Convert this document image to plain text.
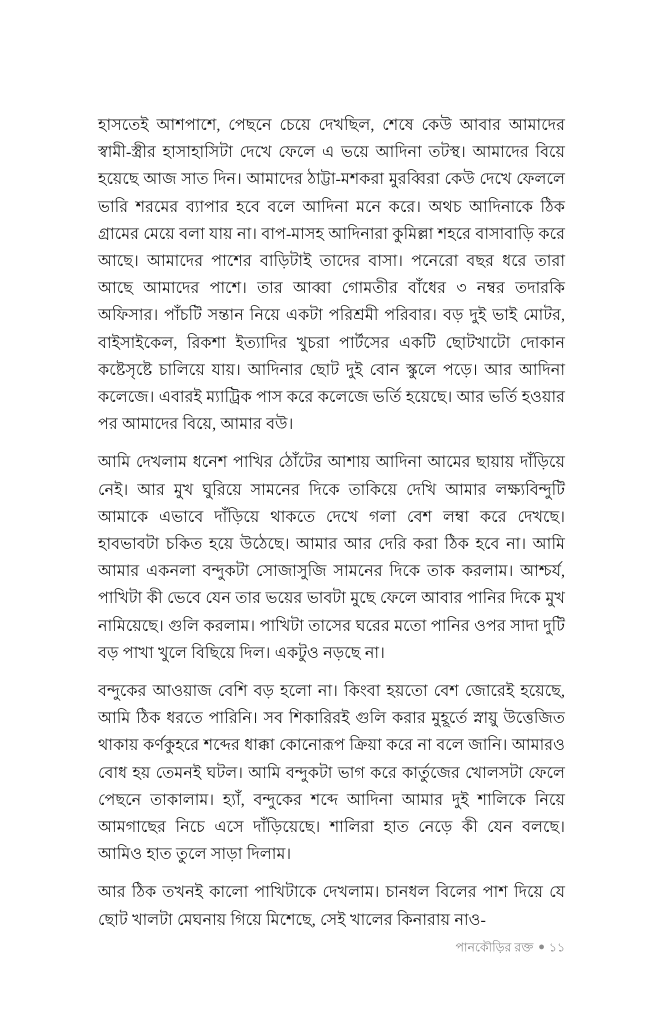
হাসতেই আশপাশে, পেছনে চেয়ে দেখছিল, শেষে কেউ আবার আমাদের স্বামী-স্ত্রীর হাসাহাসিটা দেখে ফেলে এ ভয়ে আদিনা তটস্থ। আমাদের বিয়ে হয়েছে আজ সাত দিন। আমাদের ঠাট্টা-মশকরা মুরব্বিরা কেউ দেখে ফেললে ভারি শরমের ব্যাপার হবে বলে আদিনা মনে করে। অথচ আদিনাকে ঠিক গ্রামের মেয়ে বলা যায় না। বাপ-মাসহ আদিনারা কুমিল্লা শহরে বাসাবাড়ি করে আছে। আমাদের পাশের বাড়িটাই তাদের বাসা। পনেরো বছর ধরে তারা আছে আমাদের পাশে। তার আব্বা গোমতীর বাঁধের ৩ নম্বর তদারকি অফিসার। পাঁচটি সন্তান নিয়ে একটা পরিশ্রমী পরিবার। বড় দুই ভাই মোটর, বাইসাইকেল, রিকশা ইত্যাদির খুচরা পার্টসের একটি ছোটখাটো দোকান কষ্টেসৃষ্টে চালিয়ে যায়। আদিনার ছোট দুই বোন স্কুলে পড়ে। আর আদিনা কলেজে। এবারই ম্যাট্রিক পাস করে কলেজে ভর্তি হয়েছে। আর ভর্তি হওয়ার পর আমাদের বিয়ে, আমার বউ।

আমি দেখলাম ধনেশ পাখির ঠোঁটের আশায় আদিনা আমের ছায়ায় দাঁড়িয়ে নেই। আর মুখ ঘুরিয়ে সামনের দিকে তাকিয়ে দেখি আমার লক্ষ্যবিন্দুটি আমাকে এভাবে দাঁড়িয়ে থাকতে দেখে গলা বেশ লম্বা করে দেখছে। হাবভাবটা চকিত হয়ে উঠেছে। আমার আর দেরি করা ঠিক হবে না। আমি আমার একনলা বন্দুকটা সোজাসুজি সামনের দিকে তাক করলাম। আশ্চর্য, পাখিটা কী ভেবে যেন তার ভয়ের ভাবটা মুছে ফেলে আবার পানির দিকে মুখ নামিয়েছে। গুলি করলাম। পাখিটা তাসের ঘরের মতো পানির ওপর সাদা দুটি বড় পাখা খুলে বিছিয়ে দিল। একটুও নড়ছে না।

বন্দুকের আওয়াজ বেশি বড় হলো না। কিংবা হয়তো বেশ জোরেই হয়েছে, আমি ঠিক ধরতে পারিনি। সব শিকারিরই গুলি করার মুহূর্তে স্নায়ু উত্তেজিত থাকায় কর্ণকুহরে শব্দের ধাক্কা কোনোরূপ ক্রিয়া করে না বলে জানি। আমারও বোধ হয় তেমনই ঘটল। আমি বন্দুকটা ভাগ করে কার্তুজের খোলসটা ফেলে পেছনে তাকালাম। হ্যাঁ, বন্দুকের শব্দে আদিনা আমার দুই শালিকে নিয়ে আমগাছের নিচে এসে দাঁড়িয়েছে। শালিরা হাত নেড়ে কী যেন বলছে। আমিও হাত তুলে সাড়া দিলাম।

আর ঠিক তখনই কালো পাখিটাকে দেখলাম। চানধল বিলের পাশ দিয়ে যে ছোট খালটা মেঘনায় গিয়ে মিশেছে, সেই খালের কিনারায় নাও-

পানকৌড়ির রক্ত ● ১১
